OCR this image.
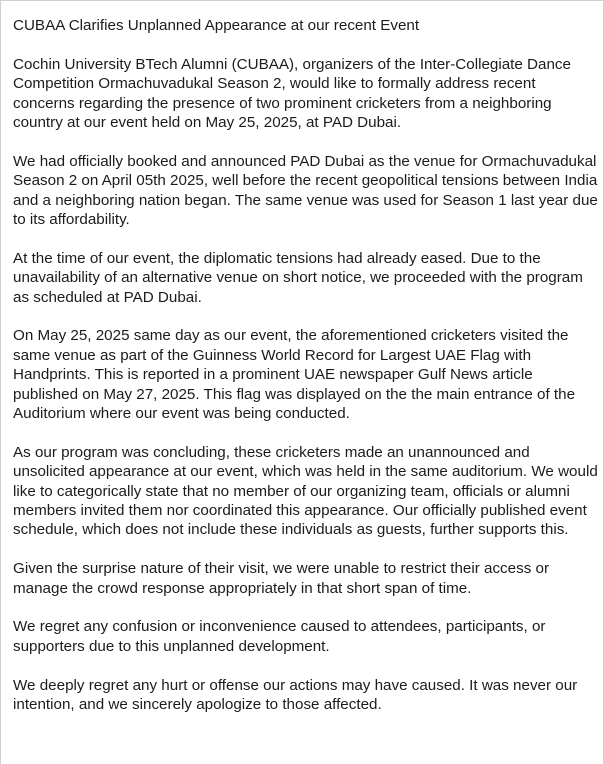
CUBAA Clarifies Unplanned Appearance at our recent Event

Cochin University BTech Alumni (CUBAA), organizers of the Inter-Collegiate Dance Competition Ormachuvadukal Season 2, would like to formally address recent concerns regarding the presence of two prominent cricketers from a neighboring country at our event held on May 25, 2025, at PAD Dubai.

We had officially booked and announced PAD Dubai as the venue for Ormachuvadukal Season 2 on April 05th 2025, well before the recent geopolitical tensions between India and a neighboring nation began. The same venue was used for Season 1 last year due to its affordability.

At the time of our event, the diplomatic tensions had already eased. Due to the unavailability of an alternative venue on short notice, we proceeded with the program as scheduled at PAD Dubai.

On May 25, 2025 same day as our event, the aforementioned cricketers visited the same venue as part of the Guinness World Record for Largest UAE Flag with Handprints. This is reported in a prominent UAE newspaper Gulf News article published on May 27, 2025. This flag was displayed on the the main entrance of the Auditorium where our event was being conducted.

As our program was concluding, these cricketers made an unannounced and unsolicited appearance at our event, which was held in the same auditorium. We would like to categorically state that no member of our organizing team, officials or alumni members invited them nor coordinated this appearance. Our officially published event schedule, which does not include these individuals as guests, further supports this.

Given the surprise nature of their visit, we were unable to restrict their access or manage the crowd response appropriately in that short span of time.

We regret any confusion or inconvenience caused to attendees, participants, or supporters due to this unplanned development.

We deeply regret any hurt or offense our actions may have caused. It was never our intention, and we sincerely apologize to those affected.
